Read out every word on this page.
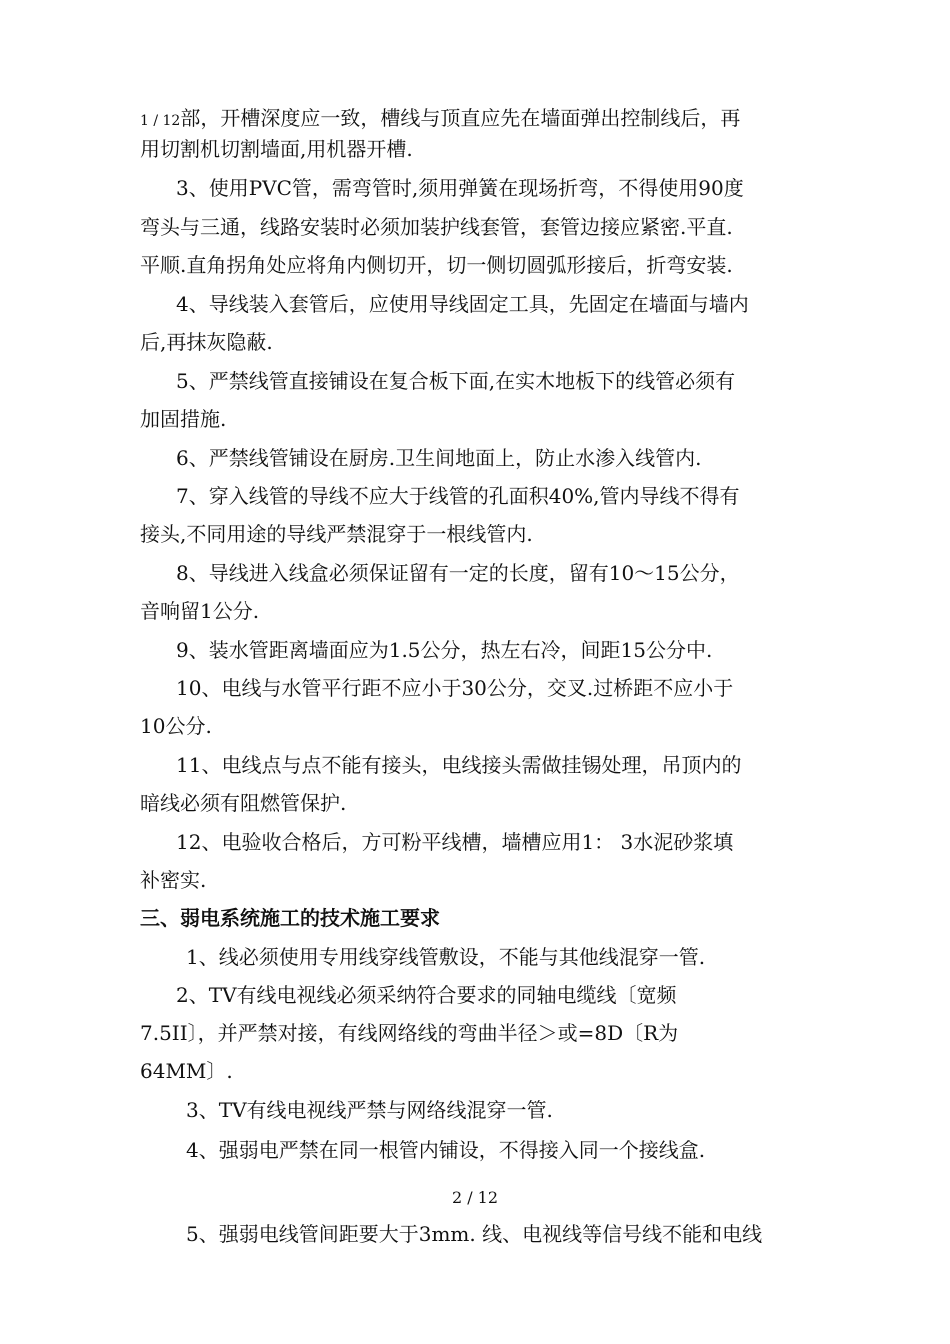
1 / 12部，开槽深度应一致，槽线与顶直应先在墙面弹出控制线后，再
用切割机切割墙面,用机器开槽.
3、使用PVC管，需弯管时,须用弹簧在现场折弯，不得使用90度
弯头与三通，线路安装时必须加装护线套管，套管边接应紧密.平直.
平顺.直角拐角处应将角内侧切开，切一侧切圆弧形接后，折弯安装.
4、导线装入套管后，应使用导线固定工具，先固定在墙面与墙内
后,再抹灰隐蔽.
5、严禁线管直接铺设在复合板下面,在实木地板下的线管必须有
加固措施.
6、严禁线管铺设在厨房.卫生间地面上，防止水渗入线管内.
7、穿入线管的导线不应大于线管的孔面积40%,管内导线不得有
接头,不同用途的导线严禁混穿于一根线管内.
8、导线进入线盒必须保证留有一定的长度，留有10〜15公分，
音响留1公分.
9、装水管距离墙面应为1.5公分，热左右冷，间距15公分中.
10、电线与水管平行距不应小于30公分，交叉.过桥距不应小于
10公分.
11、电线点与点不能有接头，电线接头需做挂锡处理，吊顶内的
暗线必须有阻燃管保护.
12、电验收合格后，方可粉平线槽，墙槽应用1： 3水泥砂浆填
补密实.
三、弱电系统施工的技术施工要求
1、线必须使用专用线穿线管敷设，不能与其他线混穿一管.
2、TV有线电视线必须采纳符合要求的同轴电缆线〔宽频
7.5II〕，并严禁对接，有线网络线的弯曲半径＞或=8D〔R为
64MM〕.
3、TV有线电视线严禁与网络线混穿一管.
4、强弱电严禁在同一根管内铺设，不得接入同一个接线盒.
2 / 12
5、强弱电线管间距要大于3mm. 线、电视线等信号线不能和电线
